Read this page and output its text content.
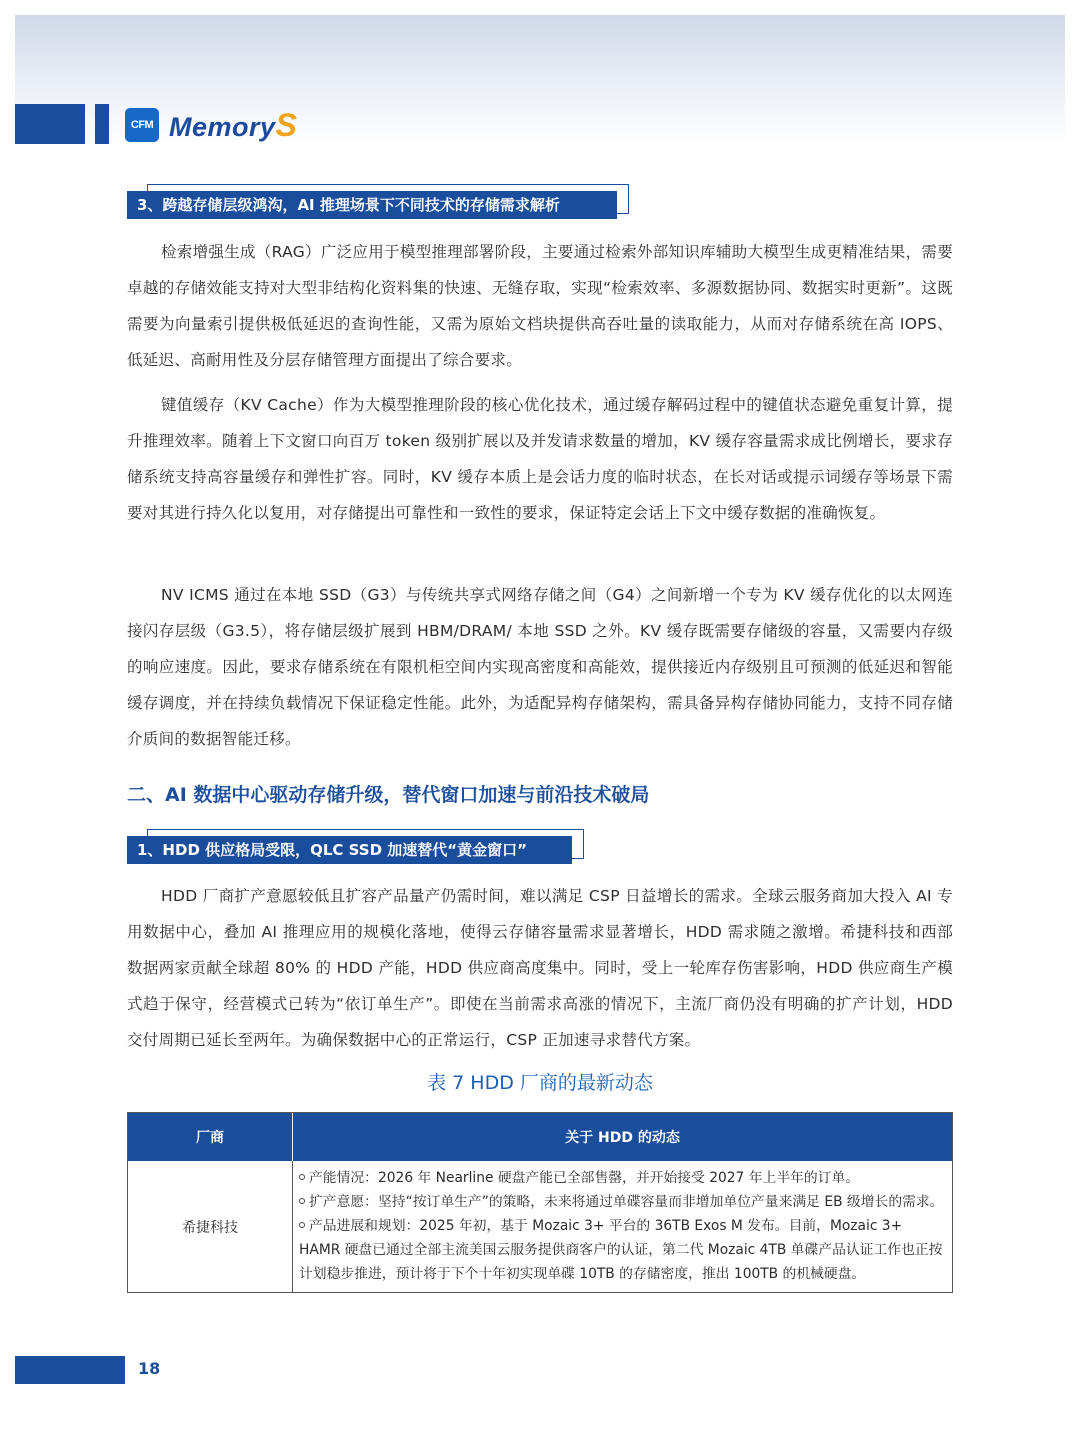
CFM MemoryS
3、跨越存储层级鸿沟，AI 推理场景下不同技术的存储需求解析

检索增强生成（RAG）广泛应用于模型推理部署阶段，主要通过检索外部知识库辅助大模型生成更精准结果，需要卓越的存储效能支持对大型非结构化资料集的快速、无缝存取，实现“检索效率、多源数据协同、数据实时更新”。这既需要为向量索引提供极低延迟的查询性能，又需为原始文档块提供高吞吐量的读取能力，从而对存储系统在高 IOPS、低延迟、高耐用性及分层存储管理方面提出了综合要求。

键值缓存（KV Cache）作为大模型推理阶段的核心优化技术，通过缓存解码过程中的键值状态避免重复计算，提升推理效率。随着上下文窗口向百万 token 级别扩展以及并发请求数量的增加，KV 缓存容量需求成比例增长，要求存储系统支持高容量缓存和弹性扩容。同时，KV 缓存本质上是会话力度的临时状态，在长对话或提示词缓存等场景下需要对其进行持久化以复用，对存储提出可靠性和一致性的要求，保证特定会话上下文中缓存数据的准确恢复。

NV ICMS 通过在本地 SSD（G3）与传统共享式网络存储之间（G4）之间新增一个专为 KV 缓存优化的以太网连接闪存层级（G3.5），将存储层级扩展到 HBM/DRAM/ 本地 SSD 之外。KV 缓存既需要存储级的容量，又需要内存级的响应速度。因此，要求存储系统在有限机柜空间内实现高密度和高能效，提供接近内存级别且可预测的低延迟和智能缓存调度，并在持续负载情况下保证稳定性能。此外，为适配异构存储架构，需具备异构存储协同能力，支持不同存储介质间的数据智能迁移。

二、AI 数据中心驱动存储升级，替代窗口加速与前沿技术破局
1、HDD 供应格局受限，QLC SSD 加速替代“黄金窗口”

HDD 厂商扩产意愿较低且扩容产品量产仍需时间，难以满足 CSP 日益增长的需求。全球云服务商加大投入 AI 专用数据中心，叠加 AI 推理应用的规模化落地，使得云存储容量需求显著增长，HDD 需求随之激增。希捷科技和西部数据两家贡献全球超 80% 的 HDD 产能，HDD 供应商高度集中。同时，受上一轮库存伤害影响，HDD 供应商生产模式趋于保守，经营模式已转为“依订单生产”。即使在当前需求高涨的情况下，主流厂商仍没有明确的扩产计划，HDD 交付周期已延长至两年。为确保数据中心的正常运行，CSP 正加速寻求替代方案。

表 7 HDD 厂商的最新动态
厂商	关于 HDD 的动态
希捷科技
产能情况：2026 年 Nearline 硬盘产能已全部售罄，并开始接受 2027 年上半年的订单。
扩产意愿：坚持“按订单生产”的策略，未来将通过单碟容量而非增加单位产量来满足 EB 级增长的需求。
产品进展和规划：2025 年初，基于 Mozaic 3+ 平台的 36TB Exos M 发布。目前，Mozaic 3+ HAMR 硬盘已通过全部主流美国云服务提供商客户的认证，第二代 Mozaic 4TB 单碟产品认证工作也正按计划稳步推进，预计将于下个十年初实现单碟 10TB 的存储密度，推出 100TB 的机械硬盘。
18
